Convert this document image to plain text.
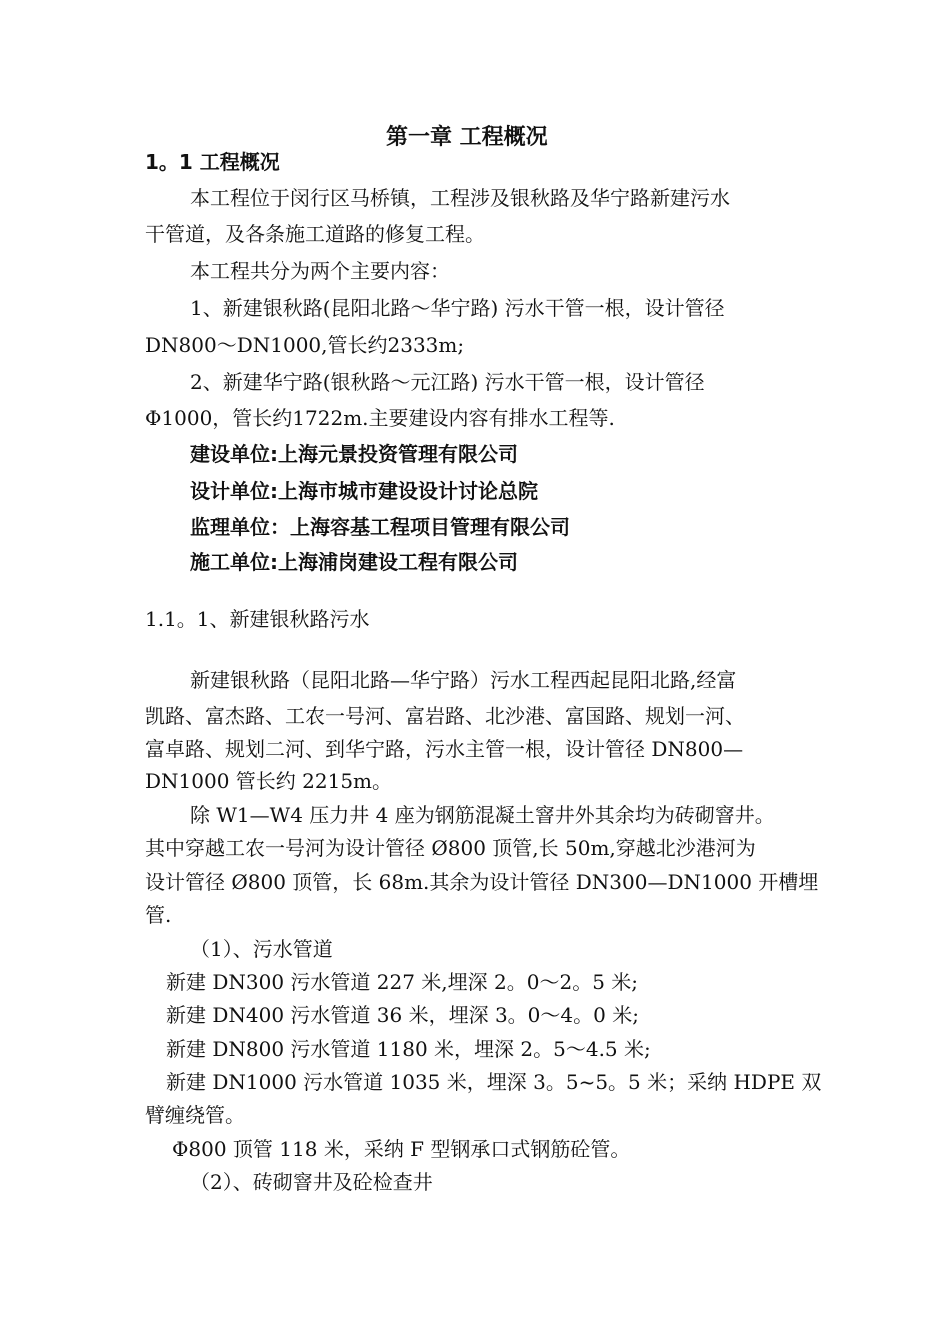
第一章 工程概况
1。1 工程概况
本工程位于闵行区马桥镇，工程涉及银秋路及华宁路新建污水
干管道，及各条施工道路的修复工程。
本工程共分为两个主要内容：
1、新建银秋路(昆阳北路～华宁路) 污水干管一根，设计管径
DN800～DN1000,管长约2333m;
2、新建华宁路(银秋路～元江路) 污水干管一根，设计管径
Φ1000，管长约1722m.主要建设内容有排水工程等.
建设单位:上海元景投资管理有限公司
设计单位:上海市城市建设设计讨论总院
监理单位：上海容基工程项目管理有限公司
施工单位:上海浦岗建设工程有限公司
1.1。1、新建银秋路污水
新建银秋路（昆阳北路—华宁路）污水工程西起昆阳北路,经富
凯路、富杰路、工农一号河、富岩路、北沙港、富国路、规划一河、
富卓路、规划二河、到华宁路，污水主管一根，设计管径 DN800—
DN1000 管长约 2215m。
除 W1—W4 压力井 4 座为钢筋混凝土窨井外其余均为砖砌窨井。
其中穿越工农一号河为设计管径 Ø800 顶管,长 50m,穿越北沙港河为
设计管径 Ø800 顶管，长 68m.其余为设计管径 DN300—DN1000 开槽埋
管.
（1）、污水管道
新建 DN300 污水管道 227 米,埋深 2。0～2。5 米;
新建 DN400 污水管道 36 米，埋深 3。0～4。0 米;
新建 DN800 污水管道 1180 米，埋深 2。5～4.5 米;
新建 DN1000 污水管道 1035 米，埋深 3。5~5。5 米；采纳 HDPE 双
臂缠绕管。
Φ800 顶管 118 米，采纳 F 型钢承口式钢筋砼管。
（2）、砖砌窨井及砼检查井
